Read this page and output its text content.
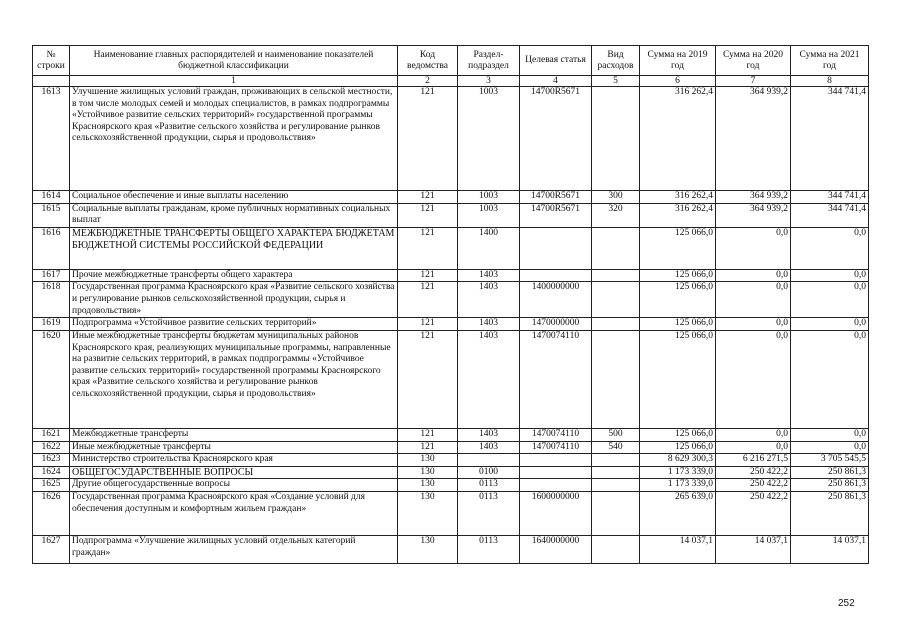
№ строки	Наименование главных распорядителей и наименование показателей бюджетной классификации	Код ведомства	Раздел-подраздел	Целевая статья	Вид расходов	Сумма на 2019 год	Сумма на 2020 год	Сумма на 2021 год
	1	2	3	4	5	6	7	8
1613	Улучшение жилищных условий граждан, проживающих в сельской местности, в том числе молодых семей и молодых специалистов, в рамках подпрограммы «Устойчивое развитие сельских территорий» государственной программы Красноярского края «Развитие сельского хозяйства и регулирование рынков сельскохозяйственной продукции, сырья и продовольствия»	121	1003	14700R5671		316 262,4	364 939,2	344 741,4
1614	Социальное обеспечение и иные выплаты населению	121	1003	14700R5671	300	316 262,4	364 939,2	344 741,4
1615	Социальные выплаты гражданам, кроме публичных нормативных социальных выплат	121	1003	14700R5671	320	316 262,4	364 939,2	344 741,4
1616	МЕЖБЮДЖЕТНЫЕ ТРАНСФЕРТЫ ОБЩЕГО ХАРАКТЕРА БЮДЖЕТАМ БЮДЖЕТНОЙ СИСТЕМЫ РОССИЙСКОЙ ФЕДЕРАЦИИ	121	1400			125 066,0	0,0	0,0
1617	Прочие межбюджетные трансферты общего характера	121	1403			125 066,0	0,0	0,0
1618	Государственная программа Красноярского края «Развитие сельского хозяйства и регулирование рынков сельскохозяйственной продукции, сырья и продовольствия»	121	1403	1400000000		125 066,0	0,0	0,0
1619	Подпрограмма «Устойчивое развитие сельских территорий»	121	1403	1470000000		125 066,0	0,0	0,0
1620	Иные межбюджетные трансферты бюджетам муниципальных районов Красноярского края, реализующих муниципальные программы, направленные на развитие сельских территорий, в рамках подпрограммы «Устойчивое развитие сельских территорий» государственной программы Красноярского края «Развитие сельского хозяйства и регулирование рынков сельскохозяйственной продукции, сырья и продовольствия»	121	1403	1470074110		125 066,0	0,0	0,0
1621	Межбюджетные трансферты	121	1403	1470074110	500	125 066,0	0,0	0,0
1622	Иные межбюджетные трансферты	121	1403	1470074110	540	125 066,0	0,0	0,0
1623	Министерство строительства Красноярского края	130				8 629 300,3	6 216 271,5	3 705 545,5
1624	ОБЩЕГОСУДАРСТВЕННЫЕ ВОПРОСЫ	130	0100			1 173 339,0	250 422,2	250 861,3
1625	Другие общегосударственные вопросы	130	0113			1 173 339,0	250 422,2	250 861,3
1626	Государственная программа Красноярского края «Создание условий для обеспечения доступным и комфортным жильем граждан»	130	0113	1600000000		265 639,0	250 422,2	250 861,3
1627	Подпрограмма «Улучшение жилищных условий отдельных категорий граждан»	130	0113	1640000000		14 037,1	14 037,1	14 037,1
252
